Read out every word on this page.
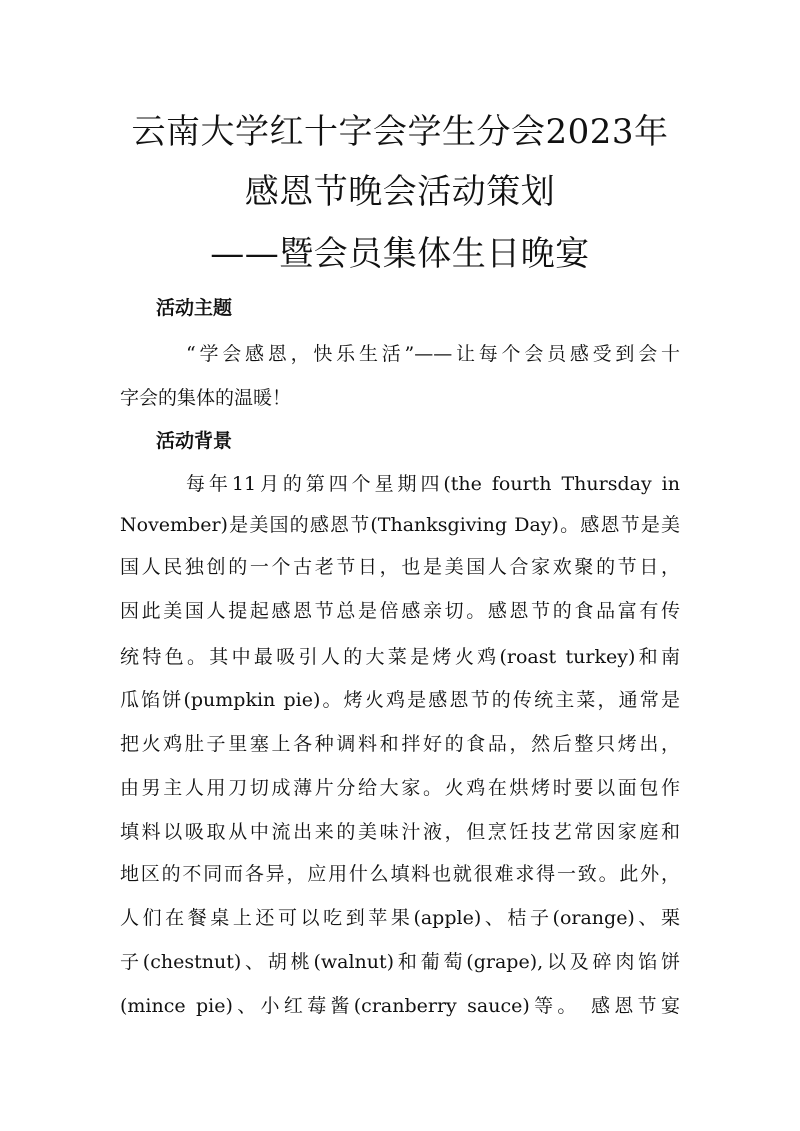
云南大学红十字会学生分会2023年
感恩节晚会活动策划
——暨会员集体生日晚宴
活动主题
“学会感恩，快乐生活”——让每个会员感受到会十
字会的集体的温暖！
活动背景
每年11月的第四个星期四(the fourth Thursday in
November)是美国的感恩节(Thanksgiving Day)。感恩节是美
国人民独创的一个古老节日，也是美国人合家欢聚的节日，
因此美国人提起感恩节总是倍感亲切。感恩节的食品富有传
统特色。其中最吸引人的大菜是烤火鸡(roast turkey)和南
瓜馅饼(pumpkin pie)。烤火鸡是感恩节的传统主菜，通常是
把火鸡肚子里塞上各种调料和拌好的食品，然后整只烤出，
由男主人用刀切成薄片分给大家。火鸡在烘烤时要以面包作
填料以吸取从中流出来的美味汁液，但烹饪技艺常因家庭和
地区的不同而各异，应用什么填料也就很难求得一致。此外，
人们在餐桌上还可以吃到苹果(apple)、桔子(orange)、栗
子(chestnut)、胡桃(walnut)和葡萄(grape),以及碎肉馅饼
(mince pie)、小红莓酱(cranberry sauce)等。 感恩节宴
